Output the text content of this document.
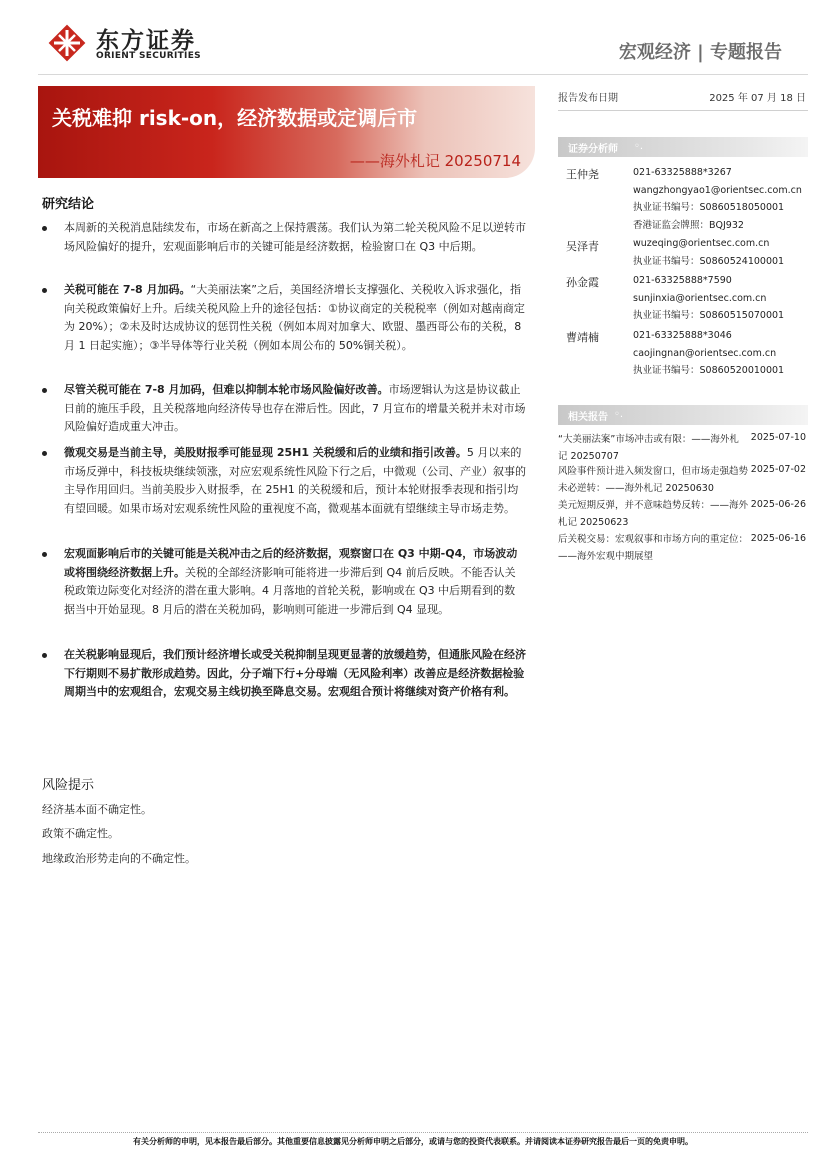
东方证券
ORIENT SECURITIES	宏观经济 | 专题报告
关税难抑 risk-on，经济数据或定调后市
——海外札记 20250714
研究结论
本周新的关税消息陆续发布，市场在新高之上保持震荡。我们认为第二轮关税风险不足以逆转市场风险偏好的提升，宏观面影响后市的关键可能是经济数据，检验窗口在 Q3 中后期。
关税可能在 7-8 月加码。“大美丽法案”之后，美国经济增长支撑强化、关税收入诉求强化，指向关税政策偏好上升。后续关税风险上升的途径包括：①协议商定的关税税率（例如对越南商定为 20%）；②未及时达成协议的惩罚性关税（例如本周对加拿大、欧盟、墨西哥公布的关税，8 月 1 日起实施）；③半导体等行业关税（例如本周公布的 50%铜关税）。
尽管关税可能在 7-8 月加码，但难以抑制本轮市场风险偏好改善。市场逻辑认为这是协议截止日前的施压手段，且关税落地向经济传导也存在滞后性。因此，7 月宣布的增量关税并未对市场风险偏好造成重大冲击。
微观交易是当前主导，美股财报季可能显现 25H1 关税缓和后的业绩和指引改善。5 月以来的市场反弹中，科技板块继续领涨，对应宏观系统性风险下行之后，中微观（公司、产业）叙事的主导作用回归。当前美股步入财报季，在 25H1 的关税缓和后，预计本轮财报季表现和指引均有望回暖。如果市场对宏观系统性风险的重视度不高，微观基本面就有望继续主导市场走势。
宏观面影响后市的关键可能是关税冲击之后的经济数据，观察窗口在 Q3 中期-Q4，市场波动或将围绕经济数据上升。关税的全部经济影响可能将进一步滞后到 Q4 前后反映。不能否认关税政策边际变化对经济的潜在重大影响。4 月落地的首轮关税，影响或在 Q3 中后期看到的数据当中开始显现。8 月后的潜在关税加码，影响则可能进一步滞后到 Q4 显现。
在关税影响显现后，我们预计经济增长或受关税抑制呈现更显著的放缓趋势，但通胀风险在经济下行期则不易扩散形成趋势。因此，分子端下行+分母端（无风险利率）改善应是经济数据检验周期当中的宏观组合，宏观交易主线切换至降息交易。宏观组合预计将继续对资产价格有利。
风险提示
经济基本面不确定性。
政策不确定性。
地缘政治形势走向的不确定性。
报告发布日期	2025 年 07 月 18 日
证券分析师 ◦.
王仲尧	021-63325888*3267
wangzhongyao1@orientsec.com.cn
执业证书编号：S0860518050001
香港证监会牌照：BQJ932
吴泽青	wuzeqing@orientsec.com.cn
执业证书编号：S0860524100001
孙金霞	021-63325888*7590
sunjinxia@orientsec.com.cn
执业证书编号：S0860515070001
曹靖楠	021-63325888*3046
caojingnan@orientsec.com.cn
执业证书编号：S0860520010001
相关报告 ◦.
“大美丽法案”市场冲击或有限：——海外札记 20250707
2025-07-10
风险事件预计进入频发窗口，但市场走强趋势未必逆转：——海外札记 20250630
2025-07-02
美元短期反弹，并不意味趋势反转：——海外札记 20250623
2025-06-26
后关税交易：宏观叙事和市场方向的重定位：——海外宏观中期展望
2025-06-16
有关分析师的申明，见本报告最后部分。其他重要信息披露见分析师申明之后部分，或请与您的投资代表联系。并请阅读本证券研究报告最后一页的免责申明。
